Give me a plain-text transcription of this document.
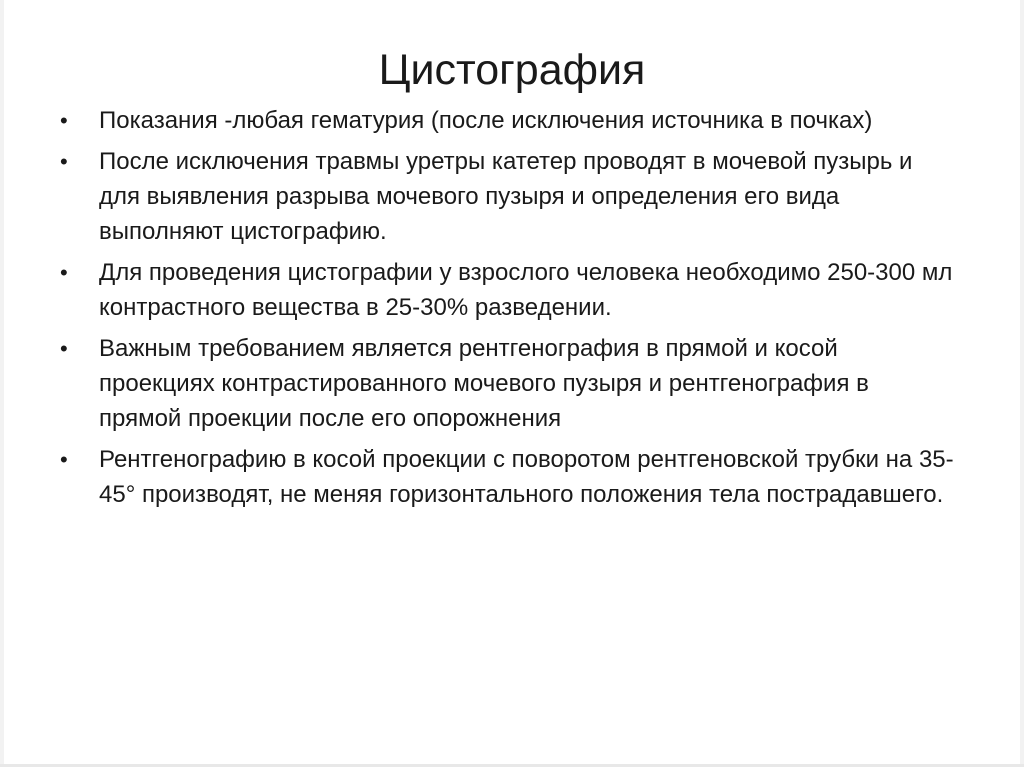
Цистография
•	Показания -любая гематурия (после исключения источника в почках)
•	После исключения травмы уретры катетер проводят в мочевой пузырь и для выявления разрыва мочевого пузыря и определения его вида выполняют цистографию.
•	Для проведения цистографии у взрослого человека необходимо 250-300 мл контрастного вещества в 25-30% разведении.
•	Важным требованием является рентгенография в прямой и косой проекциях контрастированного мочевого пузыря и рентгенография в прямой проекции после его опорожнения
•	Рентгенографию в косой проекции с поворотом рентгеновской трубки на 35-45° производят, не меняя горизонтального положения тела пострадавшего.
